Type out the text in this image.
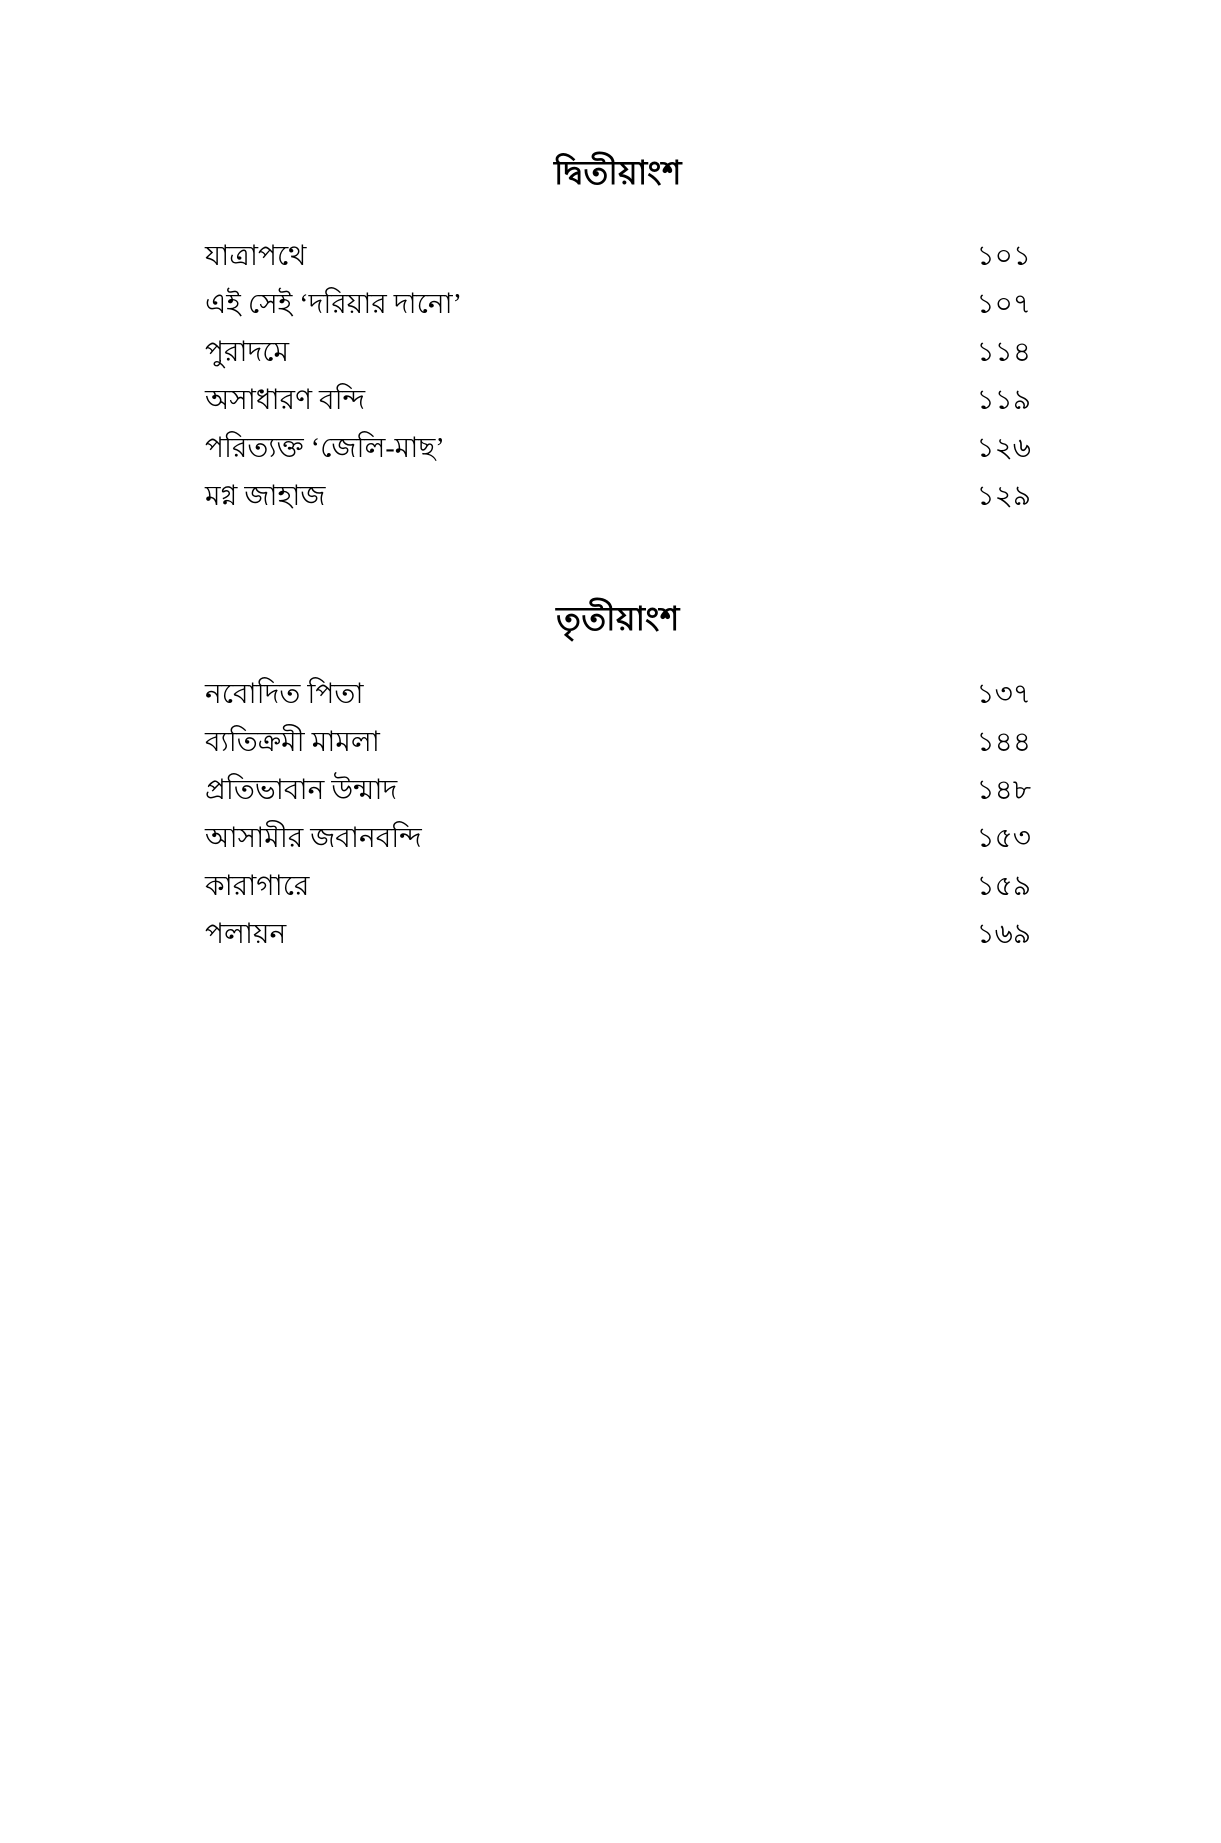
দ্বিতীয়াংশ
যাত্রাপথে	১০১
এই সেই ‘দরিয়ার দানো’	১০৭
পুরাদমে	১১৪
অসাধারণ বন্দি	১১৯
পরিত্যক্ত ‘জেলি-মাছ’	১২৬
মগ্ন জাহাজ	১২৯
তৃতীয়াংশ
নবোদিত পিতা	১৩৭
ব্যতিক্রমী মামলা	১৪৪
প্রতিভাবান উন্মাদ	১৪৮
আসামীর জবানবন্দি	১৫৩
কারাগারে	১৫৯
পলায়ন	১৬৯
